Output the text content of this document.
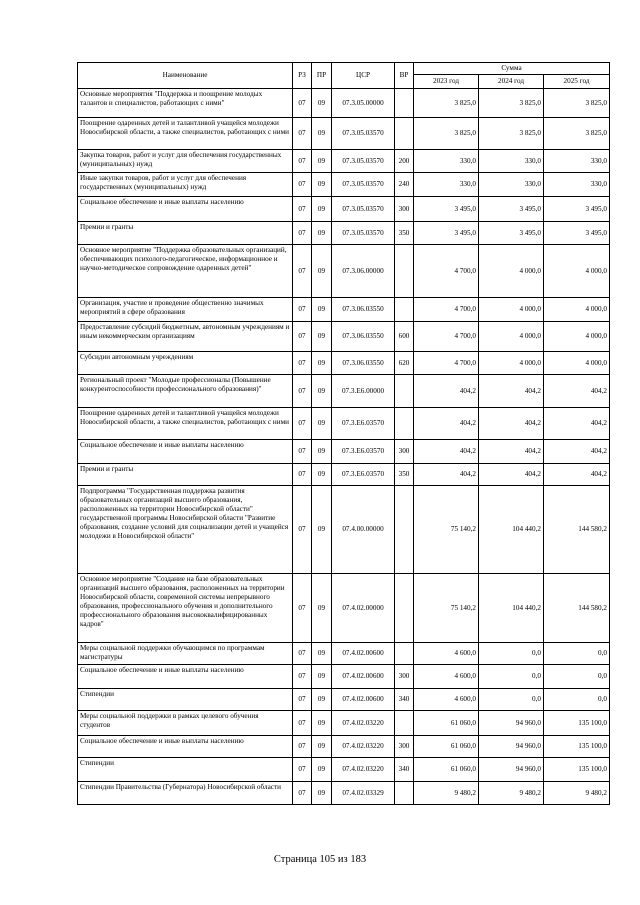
Наименование	РЗ	ПР	ЦСР	ВР	Сумма		
					2023 год	2024 год	2025 год
Основные мероприятия "Поддержка и поощрение молодых талантов и специалистов, работающих с ними"	07	09	07.3.05.00000		3 825,0	3 825,0	3 825,0
Поощрение одаренных детей и талантливой учащейся молодежи Новосибирской области, а также специалистов, работающих с ними	07	09	07.3.05.03570		3 825,0	3 825,0	3 825,0
Закупка товаров, работ и услуг для обеспечения государственных (муниципальных) нужд	07	09	07.3.05.03570	200	330,0	330,0	330,0
Иные закупки товаров, работ и услуг для обеспечения государственных (муниципальных) нужд	07	09	07.3.05.03570	240	330,0	330,0	330,0
Социальное обеспечение и иные выплаты населению	07	09	07.3.05.03570	300	3 495,0	3 495,0	3 495,0
Премии и гранты	07	09	07.3.05.03570	350	3 495,0	3 495,0	3 495,0
Основное мероприятие "Поддержка образовательных организаций, обеспечивающих психолого-педагогическое, информационное и научно-методическое сопровождение одаренных детей"	07	09	07.3.06.00000		4 700,0	4 000,0	4 000,0
Организация, участие и проведение общественно значимых мероприятий в сфере образования	07	09	07.3.06.03550		4 700,0	4 000,0	4 000,0
Предоставление субсидий бюджетным, автономным учреждениям и иным некоммерческим организациям	07	09	07.3.06.03550	600	4 700,0	4 000,0	4 000,0
Субсидии автономным учреждениям	07	09	07.3.06.03550	620	4 700,0	4 000,0	4 000,0
Региональный проект "Молодые профессионалы (Повышение конкурентоспособности профессионального образования)"	07	09	07.3.E6.00000		404,2	404,2	404,2
Поощрение одаренных детей и талантливой учащейся молодежи Новосибирской области, а также специалистов, работающих с ними	07	09	07.3.E6.03570		404,2	404,2	404,2
Социальное обеспечение и иные выплаты населению	07	09	07.3.E6.03570	300	404,2	404,2	404,2
Премии и гранты	07	09	07.3.E6.03570	350	404,2	404,2	404,2
Подпрограмма "Государственная поддержка развития образовательных организаций высшего образования, расположенных на территории Новосибирской области" государственной программы Новосибирской области "Развитие образования, создание условий для социализации детей и учащейся молодежи в Новосибирской области"	07	09	07.4.00.00000		75 140,2	104 440,2	144 580,2
Основное мероприятие "Создание на базе образовательных организаций высшего образования, расположенных на территории Новосибирской области, современной системы непрерывного образования, профессионального обучения и дополнительного профессионального образования высококвалифицированных кадров"	07	09	07.4.02.00000		75 140,2	104 440,2	144 580,2
Меры социальной поддержки обучающимся по программам магистратуры	07	09	07.4.02.00600		4 600,0	0,0	0,0
Социальное обеспечение и иные выплаты населению	07	09	07.4.02.00600	300	4 600,0	0,0	0,0
Стипендии	07	09	07.4.02.00600	340	4 600,0	0,0	0,0
Меры социальной поддержки в рамках целевого обучения студентов	07	09	07.4.02.03220		61 060,0	94 960,0	135 100,0
Социальное обеспечение и иные выплаты населению	07	09	07.4.02.03220	300	61 060,0	94 960,0	135 100,0
Стипендии	07	09	07.4.02.03220	340	61 060,0	94 960,0	135 100,0
Стипендии Правительства (Губернатора) Новосибирской области	07	09	07.4.02.03329		9 480,2	9 480,2	9 480,2
Страница 105 из 183
